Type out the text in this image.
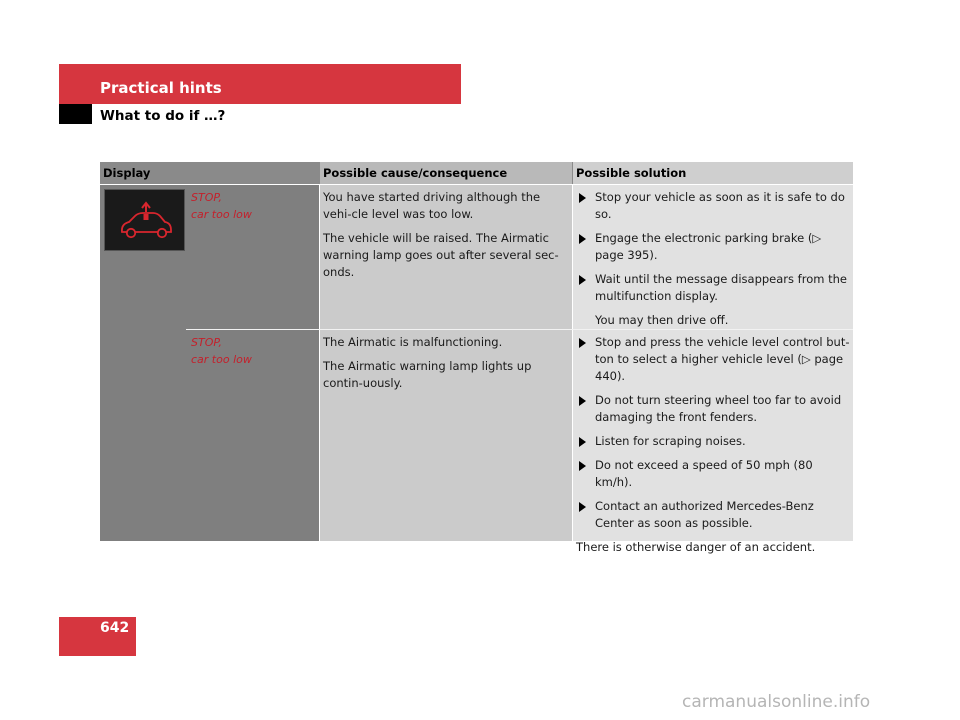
Practical hints
What to do if …?
Display	Possible cause/consequence	Possible solution
STOP,
car too low

You have started driving although the vehi-cle level was too low.

The vehicle will be raised. The Airmatic warning lamp goes out after several sec-onds.

Stop your vehicle as soon as it is safe to do so.
Engage the electronic parking brake (▷ page 395).
Wait until the message disappears from the multifunction display.
You may then drive off.
STOP,
car too low

The Airmatic is malfunctioning.

The Airmatic warning lamp lights up contin-uously.

Stop and press the vehicle level control but-ton to select a higher vehicle level (▷ page 440).
Do not turn steering wheel too far to avoid damaging the front fenders.
Listen for scraping noises.
Do not exceed a speed of 50 mph (80 km/h).
Contact an authorized Mercedes-Benz Center as soon as possible.

There is otherwise danger of an accident.

642
carmanualsonline.info
